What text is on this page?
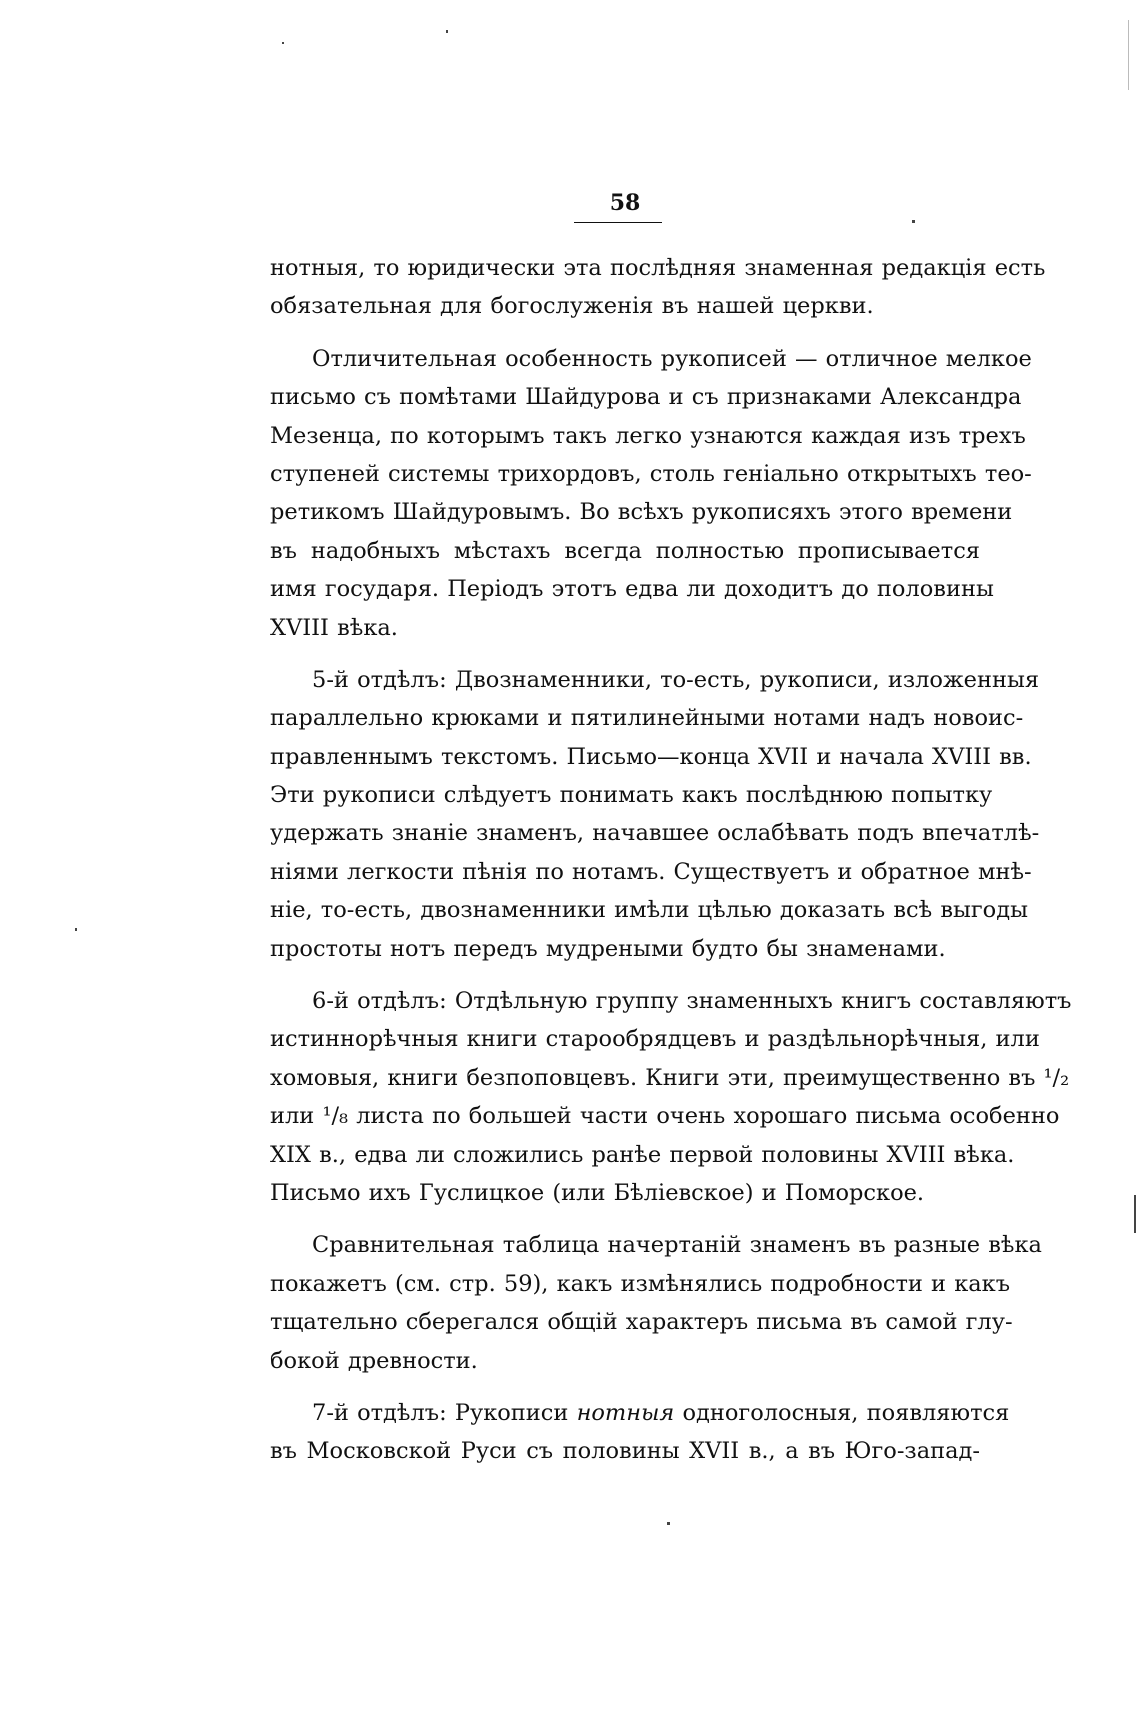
58
нотныя, то юридически эта послѣдняя знаменная редакція есть
обязательная для богослуженія въ нашей церкви.
Отличительная особенность рукописей — отличное мелкое
письмо съ помѣтами Шайдурова и съ признаками Александра
Мезенца, по которымъ такъ легко узнаются каждая изъ трехъ
ступеней системы трихордовъ, столь геніально открытыхъ тео-
ретикомъ Шайдуровымъ. Во всѣхъ рукописяхъ этого времени
въ надобныхъ мѣстахъ всегда полностью прописывается
имя государя. Періодъ этотъ едва ли доходитъ до половины
XVIII вѣка.
5-й отдѣлъ: Двознаменники, то-есть, рукописи, изложенныя
параллельно крюками и пятилинейными нотами надъ новоис-
правленнымъ текстомъ. Письмо—конца XVII и начала XVIII вв.
Эти рукописи слѣдуетъ понимать какъ послѣднюю попытку
удержать знаніе знаменъ, начавшее ослабѣвать подъ впечатлѣ-
ніями легкости пѣнія по нотамъ. Существуетъ и обратное мнѣ-
ніе, то-есть, двознаменники имѣли цѣлью доказать всѣ выгоды
простоты нотъ передъ мудреными будто бы знаменами.
6-й отдѣлъ: Отдѣльную группу знаменныхъ книгъ составляютъ
истиннорѣчныя книги старообрядцевъ и раздѣльнорѣчныя, или
хомовыя, книги безпоповцевъ. Книги эти, преимущественно въ ¹/₂
или ¹/₈ листа по большей части очень хорошаго письма особенно
XIX в., едва ли сложились ранѣе первой половины XVIII вѣка.
Письмо ихъ Гуслицкое (или Бѣліевское) и Поморское.
Сравнительная таблица начертаній знаменъ въ разные вѣка
покажетъ (см. стр. 59), какъ измѣнялись подробности и какъ
тщательно сберегался общій характеръ письма въ самой глу-
бокой древности.
7-й отдѣлъ: Рукописи нотныя одноголосныя, появляются
въ Московской Руси съ половины XVII в., а въ Юго-запад-
